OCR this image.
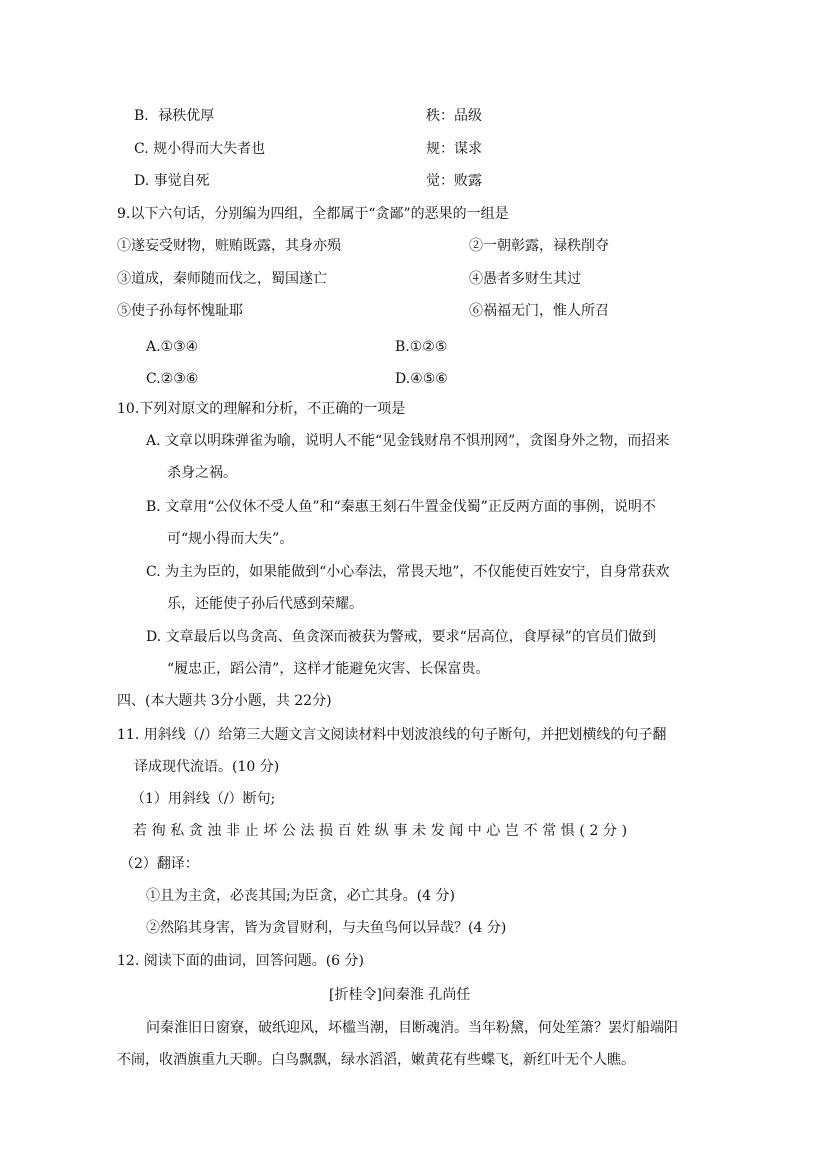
B．禄秩优厚	秩：品级
C. 规小得而大失者也	规：谋求
D. 事觉自死	觉：败露
9.以下六句话，分别编为四组，全都属于“贪鄙”的恶果的一组是
①遂妄受财物，赃贿既露，其身亦殒	②一朝彰露，禄秩削夺
③道成，秦师随而伐之，蜀国遂亡	④愚者多财生其过
⑤使子孙每怀愧耻耶	⑥祸福无门，惟人所召
A.①③④	B.①②⑤
C.②③⑥	D.④⑤⑥
10.下列对原文的理解和分析，不正确的一项是
A. 文章以明珠弹雀为喻，说明人不能“见金钱财帛不惧刑网”，贪图身外之物，而招来
杀身之祸。
B. 文章用“公仪休不受人鱼”和“秦惠王刻石牛置金伐蜀”正反两方面的事例，说明不
可“规小得而大失”。
C. 为主为臣的，如果能做到“小心奉法，常畏天地”，不仅能使百姓安宁，自身常获欢
乐，还能使子孙后代感到荣耀。
D. 文章最后以鸟贪高、鱼贪深而被获为警戒，要求“居高位，食厚禄”的官员们做到
“履忠正，蹈公清”，这样才能避免灾害、长保富贵。
四、(本大题共 3分小题，共 22分)
11. 用斜线（/）给第三大题文言文阅读材料中划波浪线的句子断句，并把划横线的句子翻
译成现代流语。(10 分)
（1）用斜线（/）断句;
若徇私贪浊非止坏公法损百姓纵事未发闻中心岂不常惧(2分)
（2）翻译：
①且为主贪，必丧其国;为臣贪，必亡其身。(4 分)
②然陷其身害，皆为贪冒财利，与夫鱼鸟何以异哉？(4 分)
12. 阅读下面的曲词，回答问题。(6 分)
[折桂令]问秦淮 孔尚任
问秦淮旧日窗寮，破纸迎风，坏槛当潮，目断魂消。当年粉黛，何处笙箫？罢灯船端阳
不闹，收酒旗重九天聊。白鸟飘飘，绿水滔滔，嫩黄花有些蝶飞，新红叶无个人瞧。
